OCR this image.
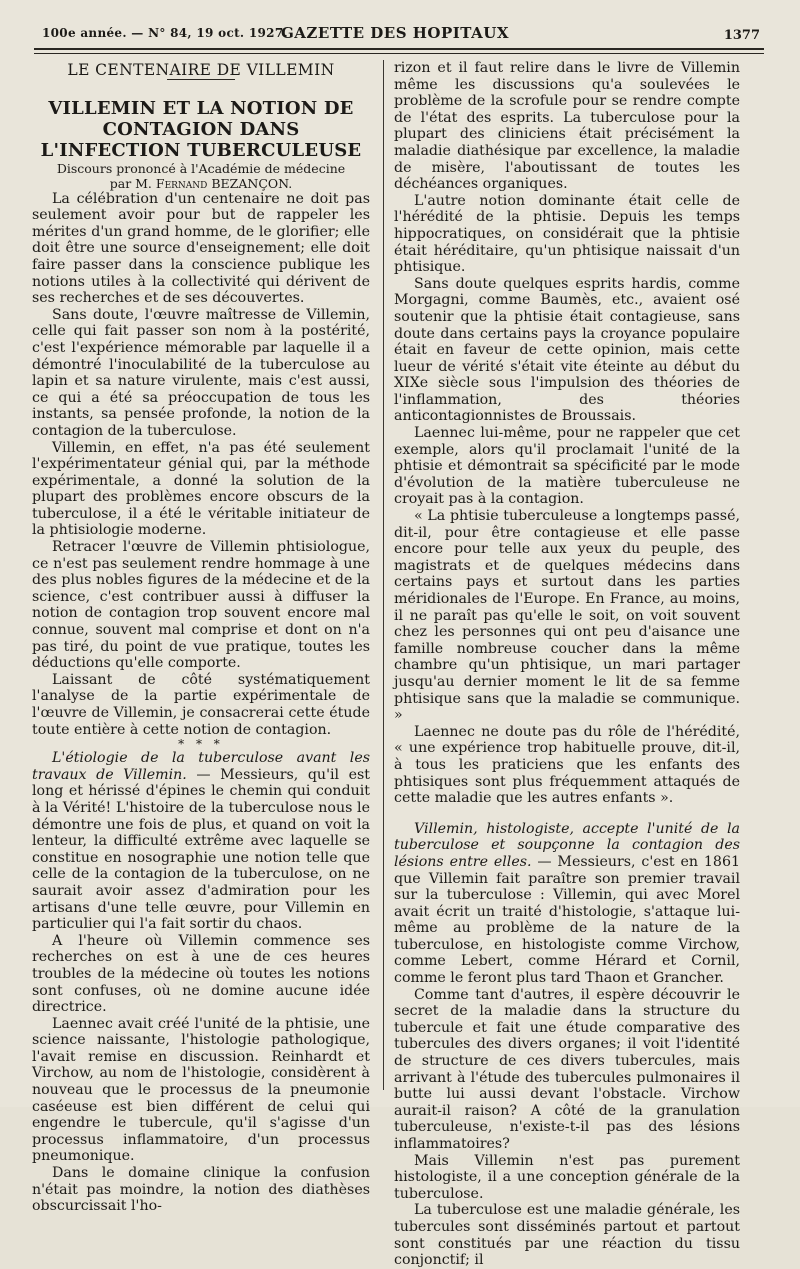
100e année. — N° 84, 19 oct. 1927.
GAZETTE DES HOPITAUX	1377

LE CENTENAIRE DE VILLEMIN

VILLEMIN ET LA NOTION DE CONTAGION DANS L'INFECTION TUBERCULEUSE

Discours prononcé à l'Académie de médecine
par M. Fernand BEZANÇON.

La célébration d'un centenaire ne doit pas seulement avoir pour but de rappeler les mérites d'un grand homme, de le glorifier; elle doit être une source d'enseignement; elle doit faire passer dans la conscience publique les notions utiles à la collectivité qui dérivent de ses recherches et de ses découvertes.

Sans doute, l'œuvre maîtresse de Villemin, celle qui fait passer son nom à la postérité, c'est l'expérience mémorable par laquelle il a démontré l'inoculabilité de la tuberculose au lapin et sa nature virulente, mais c'est aussi, ce qui a été sa préoccupation de tous les instants, sa pensée profonde, la notion de la contagion de la tuberculose.

Villemin, en effet, n'a pas été seulement l'expérimentateur génial qui, par la méthode expérimentale, a donné la solution de la plupart des problèmes encore obscurs de la tuberculose, il a été le véritable initiateur de la phtisiologie moderne.

Retracer l'œuvre de Villemin phtisiologue, ce n'est pas seulement rendre hommage à une des plus nobles figures de la médecine et de la science, c'est contribuer aussi à diffuser la notion de contagion trop souvent encore mal connue, souvent mal comprise et dont on n'a pas tiré, du point de vue pratique, toutes les déductions qu'elle comporte.

Laissant de côté systématiquement l'analyse de la partie expérimentale de l'œuvre de Villemin, je consacrerai cette étude toute entière à cette notion de contagion.

* * *

L'étiologie de la tuberculose avant les travaux de Villemin. — Messieurs, qu'il est long et hérissé d'épines le chemin qui conduit à la Vérité! L'histoire de la tuberculose nous le démontre une fois de plus, et quand on voit la lenteur, la difficulté extrême avec laquelle se constitue en nosographie une notion telle que celle de la contagion de la tuberculose, on ne saurait avoir assez d'admiration pour les artisans d'une telle œuvre, pour Villemin en particulier qui l'a fait sortir du chaos.

A l'heure où Villemin commence ses recherches on est à une de ces heures troubles de la médecine où toutes les notions sont confuses, où ne domine aucune idée directrice.

Laennec avait créé l'unité de la phtisie, une science naissante, l'histologie pathologique, l'avait remise en discussion. Reinhardt et Virchow, au nom de l'histologie, considèrent à nouveau que le processus de la pneumonie caséeuse est bien différent de celui qui engendre le tubercule, qu'il s'agisse d'un processus inflammatoire, d'un processus pneumonique.

Dans le domaine clinique la confusion n'était pas moindre, la notion des diathèses obscurcissait l'ho-

rizon et il faut relire dans le livre de Villemin même les discussions qu'a soulevées le problème de la scrofule pour se rendre compte de l'état des esprits. La tuberculose pour la plupart des cliniciens était précisément la maladie diathésique par excellence, la maladie de misère, l'aboutissant de toutes les déchéances organiques.

L'autre notion dominante était celle de l'hérédité de la phtisie. Depuis les temps hippocratiques, on considérait que la phtisie était héréditaire, qu'un phtisique naissait d'un phtisique.

Sans doute quelques esprits hardis, comme Morgagni, comme Baumès, etc., avaient osé soutenir que la phtisie était contagieuse, sans doute dans certains pays la croyance populaire était en faveur de cette opinion, mais cette lueur de vérité s'était vite éteinte au début du XIXe siècle sous l'impulsion des théories de l'inflammation, des théories anticontagionnistes de Broussais.

Laennec lui-même, pour ne rappeler que cet exemple, alors qu'il proclamait l'unité de la phtisie et démontrait sa spécificité par le mode d'évolution de la matière tuberculeuse ne croyait pas à la contagion.

« La phtisie tuberculeuse a longtemps passé, dit-il, pour être contagieuse et elle passe encore pour telle aux yeux du peuple, des magistrats et de quelques médecins dans certains pays et surtout dans les parties méridionales de l'Europe. En France, au moins, il ne paraît pas qu'elle le soit, on voit souvent chez les personnes qui ont peu d'aisance une famille nombreuse coucher dans la même chambre qu'un phtisique, un mari partager jusqu'au dernier moment le lit de sa femme phtisique sans que la maladie se communique. »

Laennec ne doute pas du rôle de l'hérédité, « une expérience trop habituelle prouve, dit-il, à tous les praticiens que les enfants des phtisiques sont plus fréquemment attaqués de cette maladie que les autres enfants ».

Villemin, histologiste, accepte l'unité de la tuberculose et soupçonne la contagion des lésions entre elles. — Messieurs, c'est en 1861 que Villemin fait paraître son premier travail sur la tuberculose : Villemin, qui avec Morel avait écrit un traité d'histologie, s'attaque lui-même au problème de la nature de la tuberculose, en histologiste comme Virchow, comme Lebert, comme Hérard et Cornil, comme le feront plus tard Thaon et Grancher.

Comme tant d'autres, il espère découvrir le secret de la maladie dans la structure du tubercule et fait une étude comparative des tubercules des divers organes; il voit l'identité de structure de ces divers tubercules, mais arrivant à l'étude des tubercules pulmonaires il butte lui aussi devant l'obstacle. Virchow aurait-il raison? A côté de la granulation tuberculeuse, n'existe-t-il pas des lésions inflammatoires?

Mais Villemin n'est pas purement histologiste, il a une conception générale de la tuberculose.

La tuberculose est une maladie générale, les tubercules sont disséminés partout et partout sont constitués par une réaction du tissu conjonctif; il
